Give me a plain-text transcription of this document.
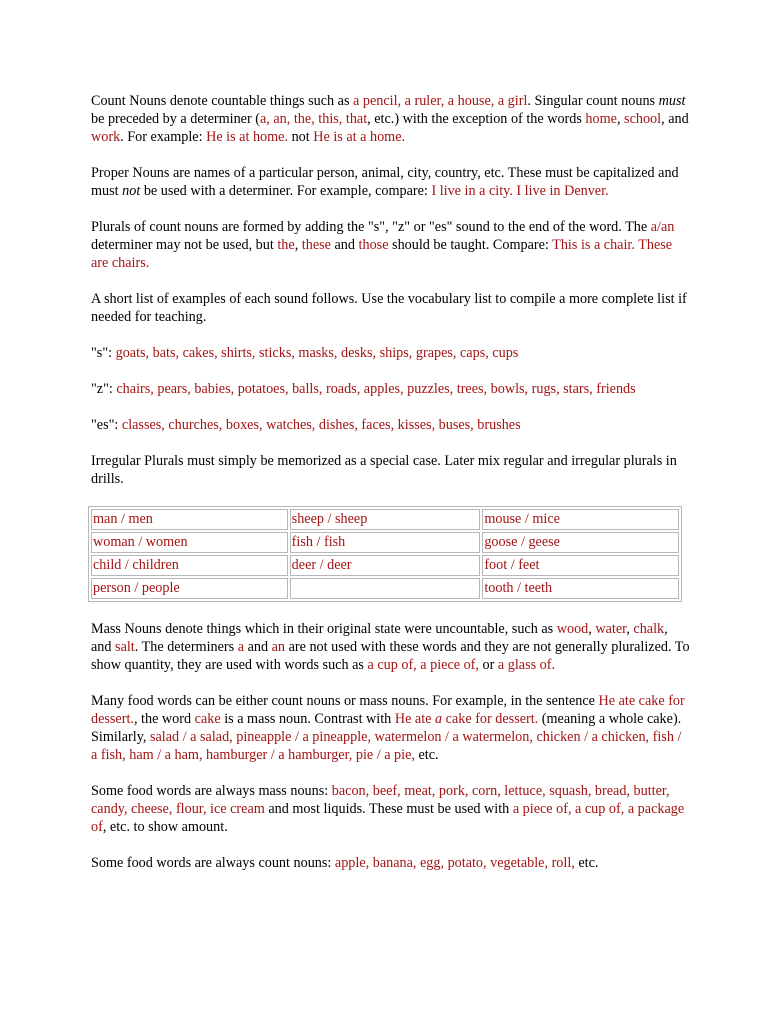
Count Nouns denote countable things such as a pencil, a ruler, a house, a girl. Singular count nouns must be preceded by a determiner (a, an, the, this, that, etc.) with the exception of the words home, school, and work. For example: He is at home. not He is at a home.

Proper Nouns are names of a particular person, animal, city, country, etc. These must be capitalized and must not be used with a determiner. For example, compare: I live in a city. I live in Denver.

Plurals of count nouns are formed by adding the "s", "z" or "es" sound to the end of the word. The a/an determiner may not be used, but the, these and those should be taught. Compare: This is a chair. These are chairs.

A short list of examples of each sound follows. Use the vocabulary list to compile a more complete list if needed for teaching.

"s": goats, bats, cakes, shirts, sticks, masks, desks, ships, grapes, caps, cups

"z": chairs, pears, babies, potatoes, balls, roads, apples, puzzles, trees, bowls, rugs, stars, friends

"es": classes, churches, boxes, watches, dishes, faces, kisses, buses, brushes

Irregular Plurals must simply be memorized as a special case. Later mix regular and irregular plurals in drills.

man / men	sheep / sheep	mouse / mice
woman / women	fish / fish	goose / geese
child / children	deer / deer	foot / feet
person / people		tooth / teeth

Mass Nouns denote things which in their original state were uncountable, such as wood, water, chalk, and salt. The determiners a and an are not used with these words and they are not generally pluralized. To show quantity, they are used with words such as a cup of, a piece of, or a glass of.

Many food words can be either count nouns or mass nouns. For example, in the sentence He ate cake for dessert., the word cake is a mass noun. Contrast with He ate a cake for dessert. (meaning a whole cake). Similarly, salad / a salad, pineapple / a pineapple, watermelon / a watermelon, chicken / a chicken, fish / a fish, ham / a ham, hamburger / a hamburger, pie / a pie, etc.

Some food words are always mass nouns: bacon, beef, meat, pork, corn, lettuce, squash, bread, butter, candy, cheese, flour, ice cream and most liquids. These must be used with a piece of, a cup of, a package of, etc. to show amount.

Some food words are always count nouns: apple, banana, egg, potato, vegetable, roll, etc.
